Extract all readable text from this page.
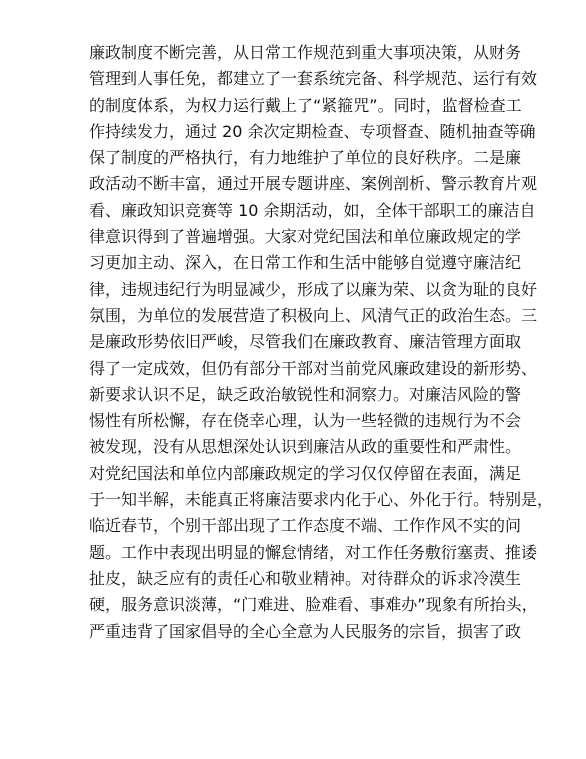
廉政制度不断完善，从日常工作规范到重大事项决策，从财务
管理到人事任免，都建立了一套系统完备、科学规范、运行有效
的制度体系，为权力运行戴上了“紧箍咒”。同时，监督检查工
作持续发力，通过 20 余次定期检查、专项督查、随机抽查等确
保了制度的严格执行，有力地维护了单位的良好秩序。二是廉
政活动不断丰富，通过开展专题讲座、案例剖析、警示教育片观
看、廉政知识竞赛等 10 余期活动，如，全体干部职工的廉洁自
律意识得到了普遍增强。大家对党纪国法和单位廉政规定的学
习更加主动、深入，在日常工作和生活中能够自觉遵守廉洁纪
律，违规违纪行为明显减少，形成了以廉为荣、以贪为耻的良好
氛围，为单位的发展营造了积极向上、风清气正的政治生态。三
是廉政形势依旧严峻，尽管我们在廉政教育、廉洁管理方面取
得了一定成效，但仍有部分干部对当前党风廉政建设的新形势、
新要求认识不足，缺乏政治敏锐性和洞察力。对廉洁风险的警
惕性有所松懈，存在侥幸心理，认为一些轻微的违规行为不会
被发现，没有从思想深处认识到廉洁从政的重要性和严肃性。
对党纪国法和单位内部廉政规定的学习仅仅停留在表面，满足
于一知半解，未能真正将廉洁要求内化于心、外化于行。特别是，
临近春节，个别干部出现了工作态度不端、工作作风不实的问
题。工作中表现出明显的懈怠情绪，对工作任务敷衍塞责、推诿
扯皮，缺乏应有的责任心和敬业精神。对待群众的诉求冷漠生
硬，服务意识淡薄，“门难进、脸难看、事难办”现象有所抬头，
严重违背了国家倡导的全心全意为人民服务的宗旨，损害了政
